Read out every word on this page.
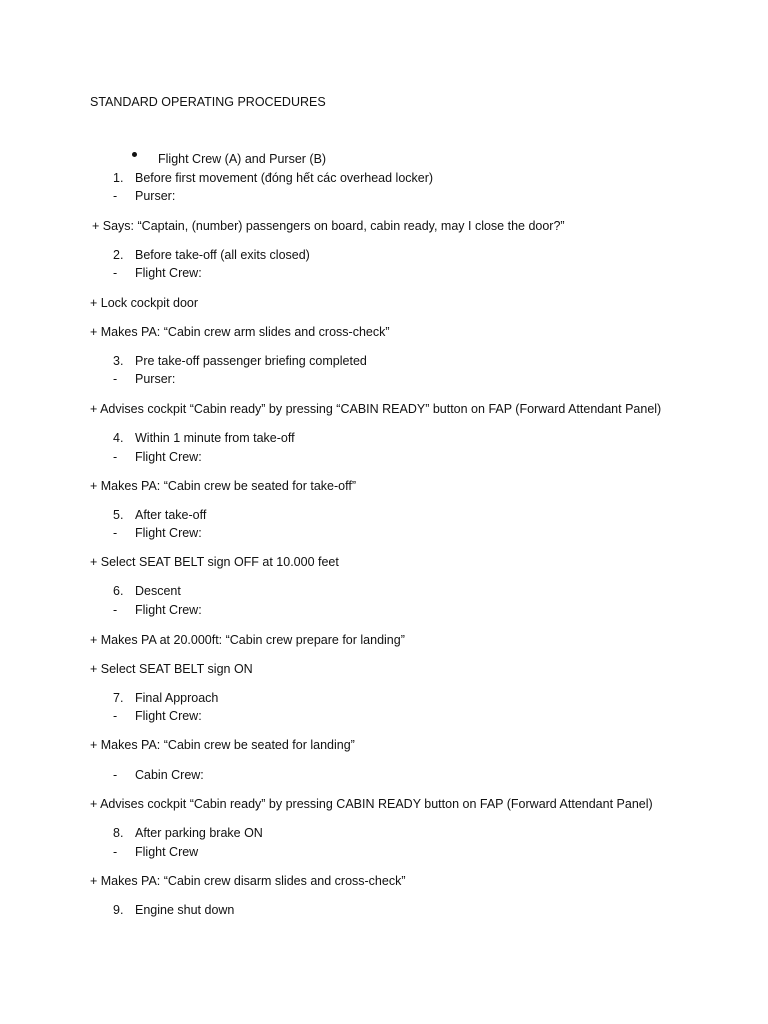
STANDARD OPERATING PROCEDURES
Flight Crew (A) and Purser (B)
1. Before first movement (đóng hết các overhead locker)
- Purser:
+ Says: “Captain, (number) passengers on board, cabin ready, may I close the door?”
2. Before take-off (all exits closed)
- Flight Crew:
+ Lock cockpit door
+ Makes PA: “Cabin crew arm slides and cross-check”
3. Pre take-off passenger briefing completed
- Purser:
+ Advises cockpit “Cabin ready” by pressing “CABIN READY” button on FAP (Forward Attendant Panel)
4. Within 1 minute from take-off
- Flight Crew:
+ Makes PA: “Cabin crew be seated for take-off”
5. After take-off
- Flight Crew:
+ Select SEAT BELT sign OFF at 10.000 feet
6. Descent
- Flight Crew:
+ Makes PA at 20.000ft: “Cabin crew prepare for landing”
+ Select SEAT BELT sign ON
7. Final Approach
- Flight Crew:
+ Makes PA: “Cabin crew be seated for landing”
- Cabin Crew:
+ Advises cockpit “Cabin ready” by pressing CABIN READY button on FAP (Forward Attendant Panel)
8. After parking brake ON
- Flight Crew
+ Makes PA: “Cabin crew disarm slides and cross-check”
9. Engine shut down
